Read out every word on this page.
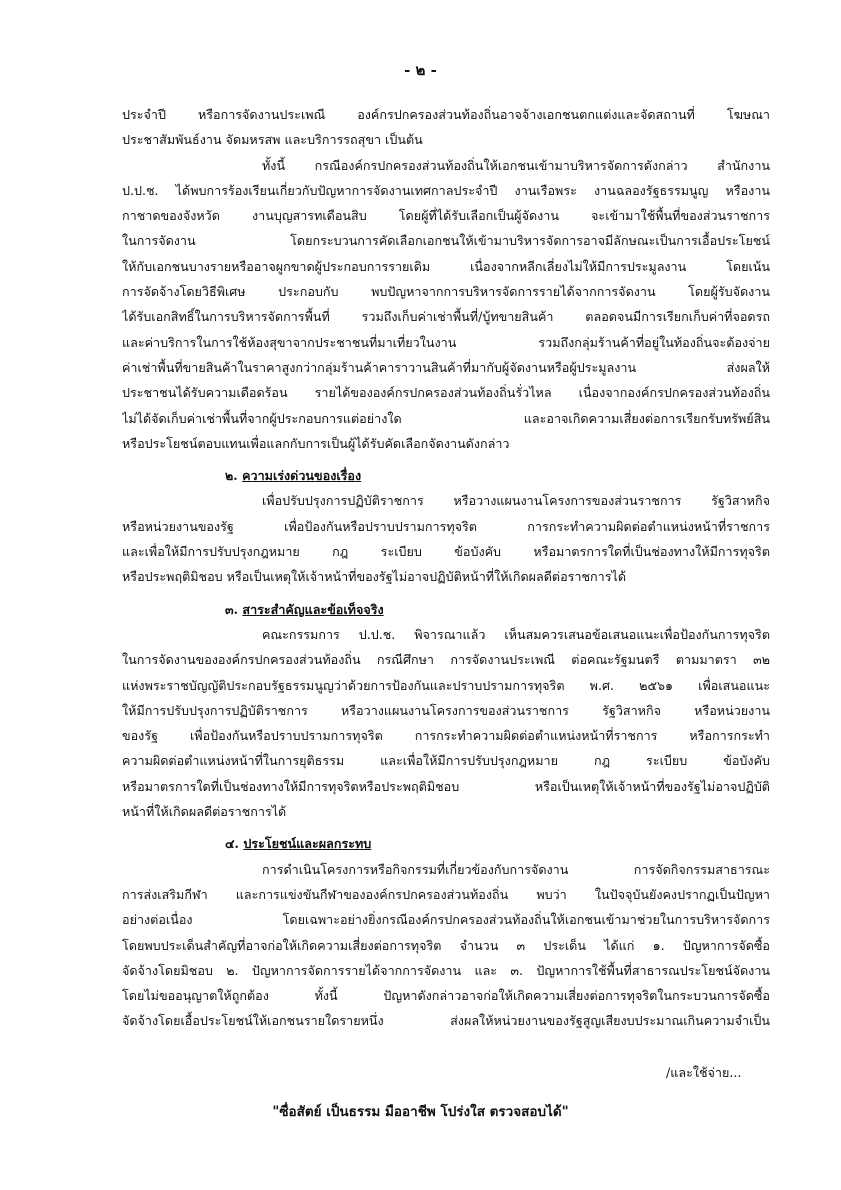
- ๒ -
ประจำปี หรือการจัดงานประเพณี องค์กรปกครองส่วนท้องถิ่นอาจจ้างเอกชนตกแต่งและจัดสถานที่ โฆษณา
ประชาสัมพันธ์งาน จัดมหรสพ และบริการรถสุขา เป็นต้น
ทั้งนี้ กรณีองค์กรปกครองส่วนท้องถิ่นให้เอกชนเข้ามาบริหารจัดการดังกล่าว สำนักงาน
ป.ป.ช. ได้พบการร้องเรียนเกี่ยวกับปัญหาการจัดงานเทศกาลประจำปี งานเรือพระ งานฉลองรัฐธรรมนูญ หรืองาน
กาชาดของจังหวัด งานบุญสารทเดือนสิบ โดยผู้ที่ได้รับเลือกเป็นผู้จัดงาน จะเข้ามาใช้พื้นที่ของส่วนราชการ
ในการจัดงาน โดยกระบวนการคัดเลือกเอกชนให้เข้ามาบริหารจัดการอาจมีลักษณะเป็นการเอื้อประโยชน์
ให้กับเอกชนบางรายหรืออาจผูกขาดผู้ประกอบการรายเดิม เนื่องจากหลีกเลี่ยงไม่ให้มีการประมูลงาน โดยเน้น
การจัดจ้างโดยวิธีพิเศษ ประกอบกับ พบปัญหาจากการบริหารจัดการรายได้จากการจัดงาน โดยผู้รับจัดงาน
ได้รับเอกสิทธิ์ในการบริหารจัดการพื้นที่ รวมถึงเก็บค่าเช่าพื้นที่/บู้ทขายสินค้า ตลอดจนมีการเรียกเก็บค่าที่จอดรถ
และค่าบริการในการใช้ห้องสุขาจากประชาชนที่มาเที่ยวในงาน รวมถึงกลุ่มร้านค้าที่อยู่ในท้องถิ่นจะต้องจ่าย
ค่าเช่าพื้นที่ขายสินค้าในราคาสูงกว่ากลุ่มร้านค้าคาราวานสินค้าที่มากับผู้จัดงานหรือผู้ประมูลงาน ส่งผลให้
ประชาชนได้รับความเดือดร้อน รายได้ขององค์กรปกครองส่วนท้องถิ่นรั่วไหล เนื่องจากองค์กรปกครองส่วนท้องถิ่น
ไม่ได้จัดเก็บค่าเช่าพื้นที่จากผู้ประกอบการแต่อย่างใด และอาจเกิดความเสี่ยงต่อการเรียกรับทรัพย์สิน
หรือประโยชน์ตอบแทนเพื่อแลกกับการเป็นผู้ได้รับคัดเลือกจัดงานดังกล่าว
๒. ความเร่งด่วนของเรื่อง
เพื่อปรับปรุงการปฏิบัติราชการ หรือวางแผนงานโครงการของส่วนราชการ รัฐวิสาหกิจ
หรือหน่วยงานของรัฐ เพื่อป้องกันหรือปราบปรามการทุจริต การกระทำความผิดต่อตำแหน่งหน้าที่ราชการ
และเพื่อให้มีการปรับปรุงกฎหมาย กฎ ระเบียบ ข้อบังคับ หรือมาตรการใดที่เป็นช่องทางให้มีการทุจริต
หรือประพฤติมิชอบ หรือเป็นเหตุให้เจ้าหน้าที่ของรัฐไม่อาจปฏิบัติหน้าที่ให้เกิดผลดีต่อราชการได้
๓. สาระสำคัญและข้อเท็จจริง
คณะกรรมการ ป.ป.ช. พิจารณาแล้ว เห็นสมควรเสนอข้อเสนอแนะเพื่อป้องกันการทุจริต
ในการจัดงานขององค์กรปกครองส่วนท้องถิ่น กรณีศึกษา การจัดงานประเพณี ต่อคณะรัฐมนตรี ตามมาตรา ๓๒
แห่งพระราชบัญญัติประกอบรัฐธรรมนูญว่าด้วยการป้องกันและปราบปรามการทุจริต พ.ศ. ๒๕๖๑ เพื่อเสนอแนะ
ให้มีการปรับปรุงการปฏิบัติราชการ หรือวางแผนงานโครงการของส่วนราชการ รัฐวิสาหกิจ หรือหน่วยงาน
ของรัฐ เพื่อป้องกันหรือปราบปรามการทุจริต การกระทำความผิดต่อตำแหน่งหน้าที่ราชการ หรือการกระทำ
ความผิดต่อตำแหน่งหน้าที่ในการยุติธรรม และเพื่อให้มีการปรับปรุงกฎหมาย กฎ ระเบียบ ข้อบังคับ
หรือมาตรการใดที่เป็นช่องทางให้มีการทุจริตหรือประพฤติมิชอบ หรือเป็นเหตุให้เจ้าหน้าที่ของรัฐไม่อาจปฏิบัติ
หน้าที่ให้เกิดผลดีต่อราชการได้
๔. ประโยชน์และผลกระทบ
การดำเนินโครงการหรือกิจกรรมที่เกี่ยวข้องกับการจัดงาน การจัดกิจกรรมสาธารณะ
การส่งเสริมกีฬา และการแข่งขันกีฬาขององค์กรปกครองส่วนท้องถิ่น พบว่า ในปัจจุบันยังคงปรากฏเป็นปัญหา
อย่างต่อเนื่อง โดยเฉพาะอย่างยิ่งกรณีองค์กรปกครองส่วนท้องถิ่นให้เอกชนเข้ามาช่วยในการบริหารจัดการ
โดยพบประเด็นสำคัญที่อาจก่อให้เกิดความเสี่ยงต่อการทุจริต จำนวน ๓ ประเด็น ได้แก่ ๑. ปัญหาการจัดซื้อ
จัดจ้างโดยมิชอบ ๒. ปัญหาการจัดการรายได้จากการจัดงาน และ ๓. ปัญหาการใช้พื้นที่สาธารณประโยชน์จัดงาน
โดยไม่ขออนุญาตให้ถูกต้อง ทั้งนี้ ปัญหาดังกล่าวอาจก่อให้เกิดความเสี่ยงต่อการทุจริตในกระบวนการจัดซื้อ
จัดจ้างโดยเอื้อประโยชน์ให้เอกชนรายใดรายหนึ่ง ส่งผลให้หน่วยงานของรัฐสูญเสียงบประมาณเกินความจำเป็น
/และใช้จ่าย...
"ซื่อสัตย์ เป็นธรรม มืออาชีพ โปร่งใส ตรวจสอบได้"
